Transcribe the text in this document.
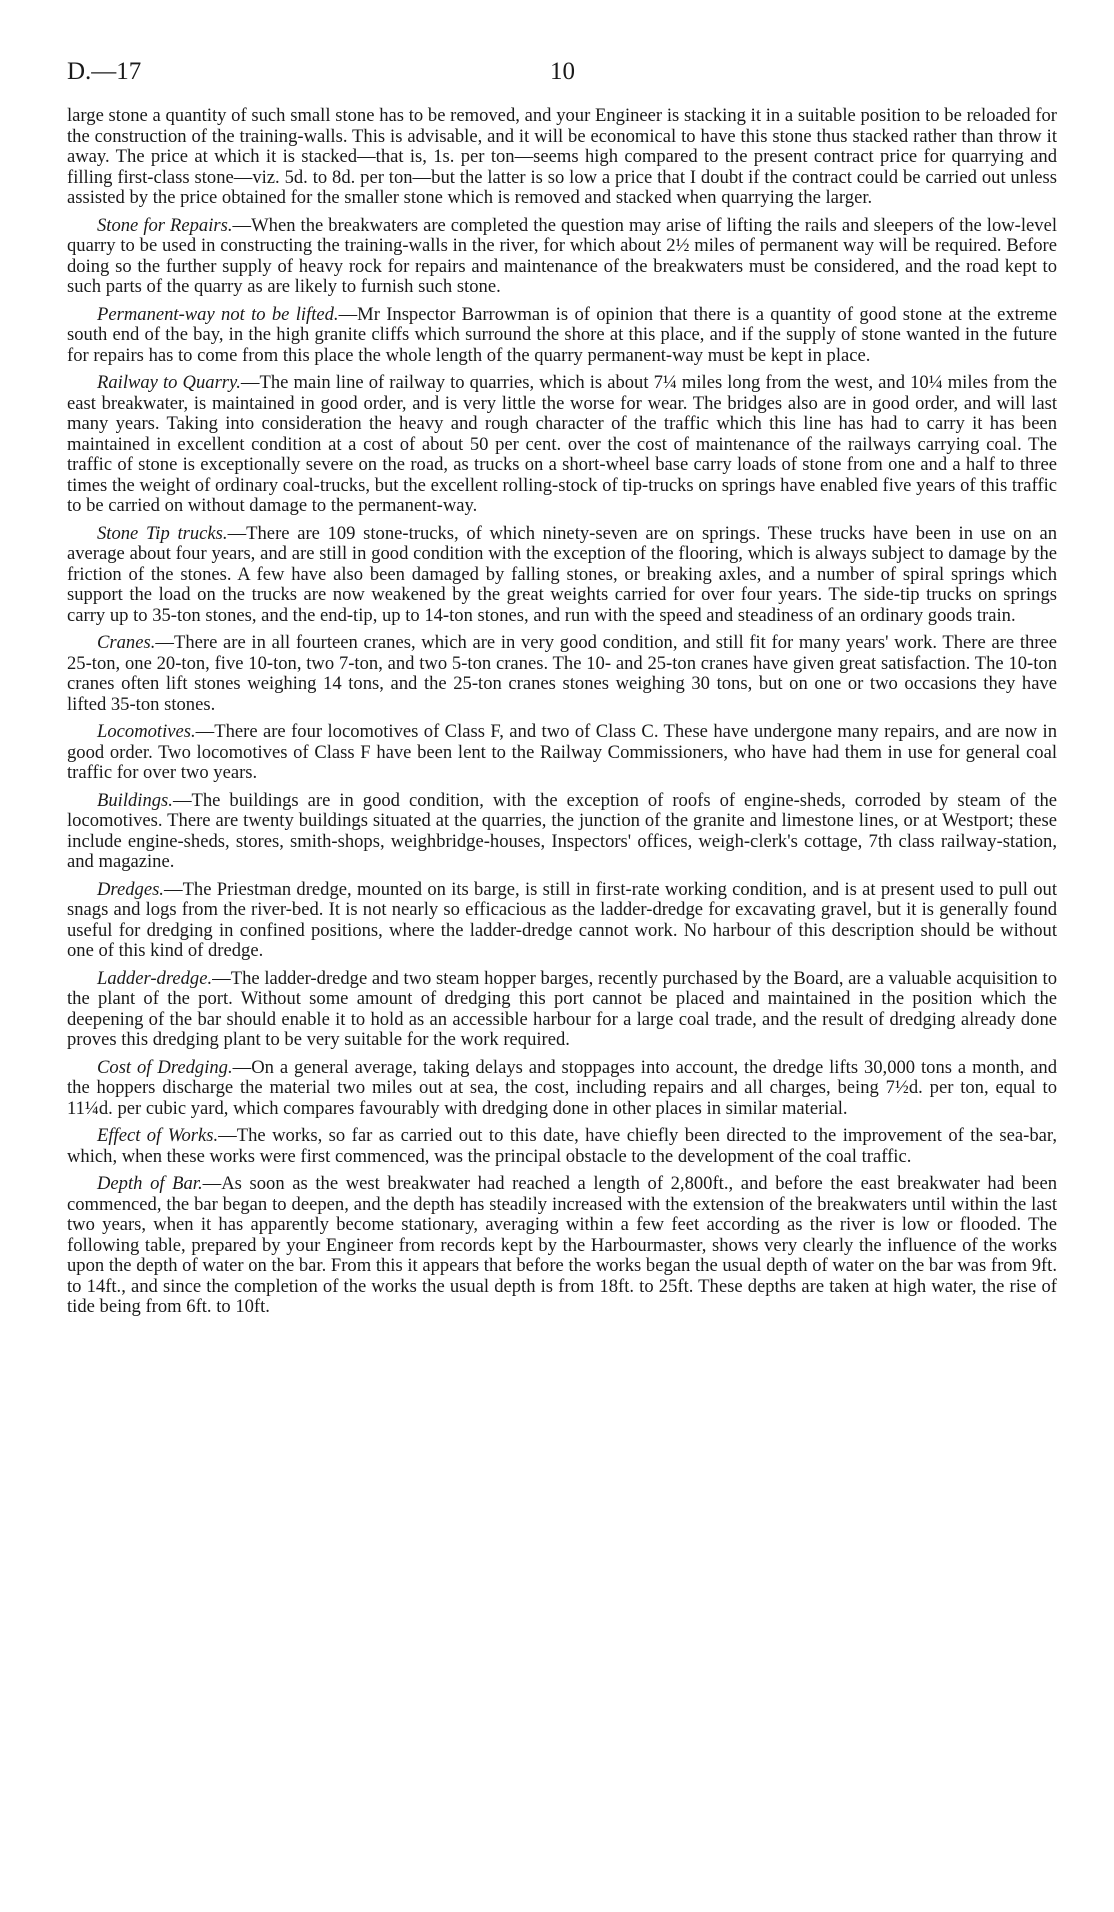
D.—17	10

large stone a quantity of such small stone has to be removed, and your Engineer is stacking it in a suitable position to be reloaded for the construction of the training-walls. This is advisable, and it will be economical to have this stone thus stacked rather than throw it away. The price at which it is stacked—that is, 1s. per ton—seems high compared to the present contract price for quarrying and filling first-class stone—viz. 5d. to 8d. per ton—but the latter is so low a price that I doubt if the contract could be carried out unless assisted by the price obtained for the smaller stone which is removed and stacked when quarrying the larger.

Stone for Repairs.—When the breakwaters are completed the question may arise of lifting the rails and sleepers of the low-level quarry to be used in constructing the training-walls in the river, for which about 2½ miles of permanent way will be required. Before doing so the further supply of heavy rock for repairs and maintenance of the breakwaters must be considered, and the road kept to such parts of the quarry as are likely to furnish such stone.

Permanent-way not to be lifted.—Mr Inspector Barrowman is of opinion that there is a quantity of good stone at the extreme south end of the bay, in the high granite cliffs which surround the shore at this place, and if the supply of stone wanted in the future for repairs has to come from this place the whole length of the quarry permanent-way must be kept in place.

Railway to Quarry.—The main line of railway to quarries, which is about 7¼ miles long from the west, and 10¼ miles from the east breakwater, is maintained in good order, and is very little the worse for wear. The bridges also are in good order, and will last many years. Taking into consideration the heavy and rough character of the traffic which this line has had to carry it has been maintained in excellent condition at a cost of about 50 per cent. over the cost of maintenance of the railways carrying coal. The traffic of stone is exceptionally severe on the road, as trucks on a short-wheel base carry loads of stone from one and a half to three times the weight of ordinary coal-trucks, but the excellent rolling-stock of tip-trucks on springs have enabled five years of this traffic to be carried on without damage to the permanent-way.

Stone Tip trucks.—There are 109 stone-trucks, of which ninety-seven are on springs. These trucks have been in use on an average about four years, and are still in good condition with the exception of the flooring, which is always subject to damage by the friction of the stones. A few have also been damaged by falling stones, or breaking axles, and a number of spiral springs which support the load on the trucks are now weakened by the great weights carried for over four years. The side-tip trucks on springs carry up to 35-ton stones, and the end-tip, up to 14-ton stones, and run with the speed and steadiness of an ordinary goods train.

Cranes.—There are in all fourteen cranes, which are in very good condition, and still fit for many years' work. There are three 25-ton, one 20-ton, five 10-ton, two 7-ton, and two 5-ton cranes. The 10- and 25-ton cranes have given great satisfaction. The 10-ton cranes often lift stones weighing 14 tons, and the 25-ton cranes stones weighing 30 tons, but on one or two occasions they have lifted 35-ton stones.

Locomotives.—There are four locomotives of Class F, and two of Class C. These have undergone many repairs, and are now in good order. Two locomotives of Class F have been lent to the Railway Commissioners, who have had them in use for general coal traffic for over two years.

Buildings.—The buildings are in good condition, with the exception of roofs of engine-sheds, corroded by steam of the locomotives. There are twenty buildings situated at the quarries, the junction of the granite and limestone lines, or at Westport; these include engine-sheds, stores, smith-shops, weighbridge-houses, Inspectors' offices, weigh-clerk's cottage, 7th class railway-station, and magazine.

Dredges.—The Priestman dredge, mounted on its barge, is still in first-rate working condition, and is at present used to pull out snags and logs from the river-bed. It is not nearly so efficacious as the ladder-dredge for excavating gravel, but it is generally found useful for dredging in confined positions, where the ladder-dredge cannot work. No harbour of this description should be without one of this kind of dredge.

Ladder-dredge.—The ladder-dredge and two steam hopper barges, recently purchased by the Board, are a valuable acquisition to the plant of the port. Without some amount of dredging this port cannot be placed and maintained in the position which the deepening of the bar should enable it to hold as an accessible harbour for a large coal trade, and the result of dredging already done proves this dredging plant to be very suitable for the work required.

Cost of Dredging.—On a general average, taking delays and stoppages into account, the dredge lifts 30,000 tons a month, and the hoppers discharge the material two miles out at sea, the cost, including repairs and all charges, being 7½d. per ton, equal to 11¼d. per cubic yard, which compares favourably with dredging done in other places in similar material.

Effect of Works.—The works, so far as carried out to this date, have chiefly been directed to the improvement of the sea-bar, which, when these works were first commenced, was the principal obstacle to the development of the coal traffic.

Depth of Bar.—As soon as the west breakwater had reached a length of 2,800ft., and before the east breakwater had been commenced, the bar began to deepen, and the depth has steadily increased with the extension of the breakwaters until within the last two years, when it has apparently become stationary, averaging within a few feet according as the river is low or flooded. The following table, prepared by your Engineer from records kept by the Harbourmaster, shows very clearly the influence of the works upon the depth of water on the bar. From this it appears that before the works began the usual depth of water on the bar was from 9ft. to 14ft., and since the completion of the works the usual depth is from 18ft. to 25ft. These depths are taken at high water, the rise of tide being from 6ft. to 10ft.
